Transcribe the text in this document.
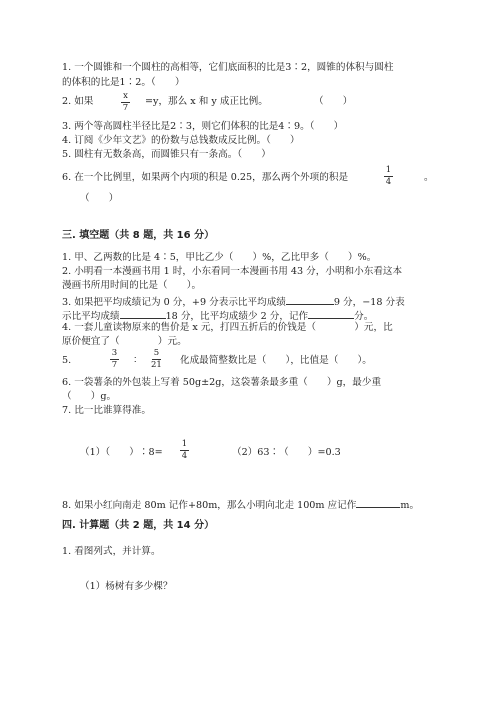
1. 一个圆锥和一个圆柱的高相等，它们底面积的比是3∶2，圆锥的体积与圆柱
的体积的比是1∶2。（　　）
2. 如果	x
7
=y，那么 x 和 y 成正比例。	（　　）
3. 两个等高圆柱半径比是2∶3，则它们体积的比是4∶9。（　　）
4. 订阅《少年文艺》的份数与总钱数成反比例。（　　）
5. 圆柱有无数条高，而圆锥只有一条高。（　　）
6. 在一个比例里，如果两个内项的积是 0.25，那么两个外项的积是
1
4	。
（　　）
三. 填空题（共 8 题，共 16 分）
1. 甲、乙两数的比是 4∶5，甲比乙少（　　）%，乙比甲多（　　）%。
2. 小明看一本漫画书用 1 时，小东看同一本漫画书用 43 分，小明和小东看这本
漫画书所用时间的比是（　　）。
3. 如果把平均成绩记为 0 分，+9 分表示比平均成绩	9 分，−18 分表
示比平均成绩	18 分，比平均成绩少 2 分，记作	分。
4. 一套儿童读物原来的售价是 x 元，打四五折后的价钱是（　　　　）元，比
原价便宜了（　　　　）元。
5.
3
7 ∶
5
21 化成最简整数比是（　　），比值是（　　）。
6. 一袋薯条的外包装上写着 50g±2g，这袋薯条最多重（　　）g，最少重
（　　）g。
7. 比一比谁算得准。
（1）（　　）∶8=
1
4	（2）63∶（　　）=0.3
8. 如果小红向南走 80m 记作+80m，那么小明向北走 100m 应记作	m。
四. 计算题（共 2 题，共 14 分）
1. 看图列式，并计算。
（1）杨树有多少棵？
